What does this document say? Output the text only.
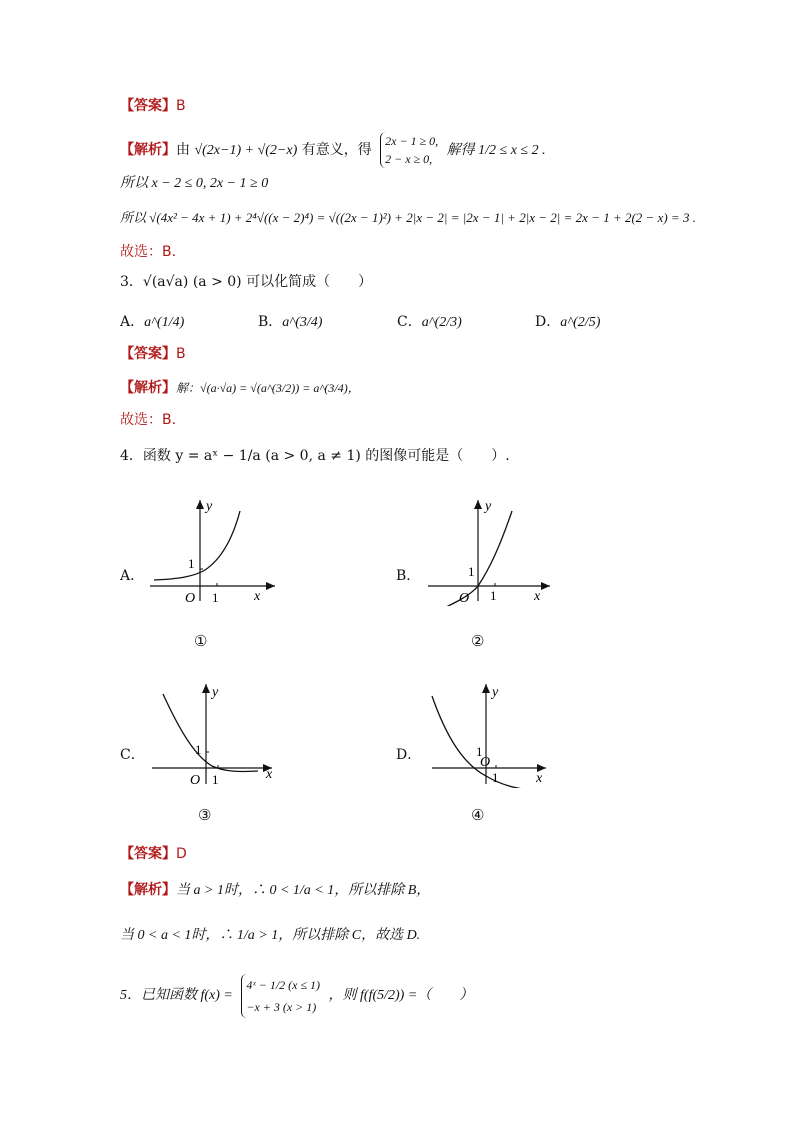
【答案】B
【解析】由 √(2x−1) + √(2−x) 有意义，得
2x − 1 ≥ 0,
2 − x ≥ 0,
解得 1/2 ≤ x ≤ 2 .
所以 x − 2 ≤ 0, 2x − 1 ≥ 0
所以 √(4x² − 4x + 1) + 2⁴√((x − 2)⁴) = √((2x − 1)²) + 2|x − 2| = |2x − 1| + 2|x − 2| = 2x − 1 + 2(2 − x) = 3 .
故选：B．
3．√(a√a) (a > 0) 可以化简成（　　）
A．a^(1/4)	B．a^(3/4)	C．a^(2/3)	D．a^(2/5)
【答案】B
【解析】解：√(a·√a) = √(a^(3/2)) = a^(3/4)，
故选：B．
4．函数 y = aˣ − 1/a (a > 0, a ≠ 1) 的图像可能是（　　）.
A．
y
x
O 1
1
①
B．
y
x
O 1
1
②
C．
y
x
O 1
1
③
D．
y
x
O
1
1
④
【答案】D
【解析】当 a > 1时，∴ 0 < 1/a < 1，所以排除 B，
当 0 < a < 1时，∴ 1/a > 1，所以排除 C，故选 D.
5．已知函数 f(x) =
4ˣ − 1/2 (x ≤ 1)
−x + 3 (x > 1)
，则 f(f(5/2)) =（　　）
